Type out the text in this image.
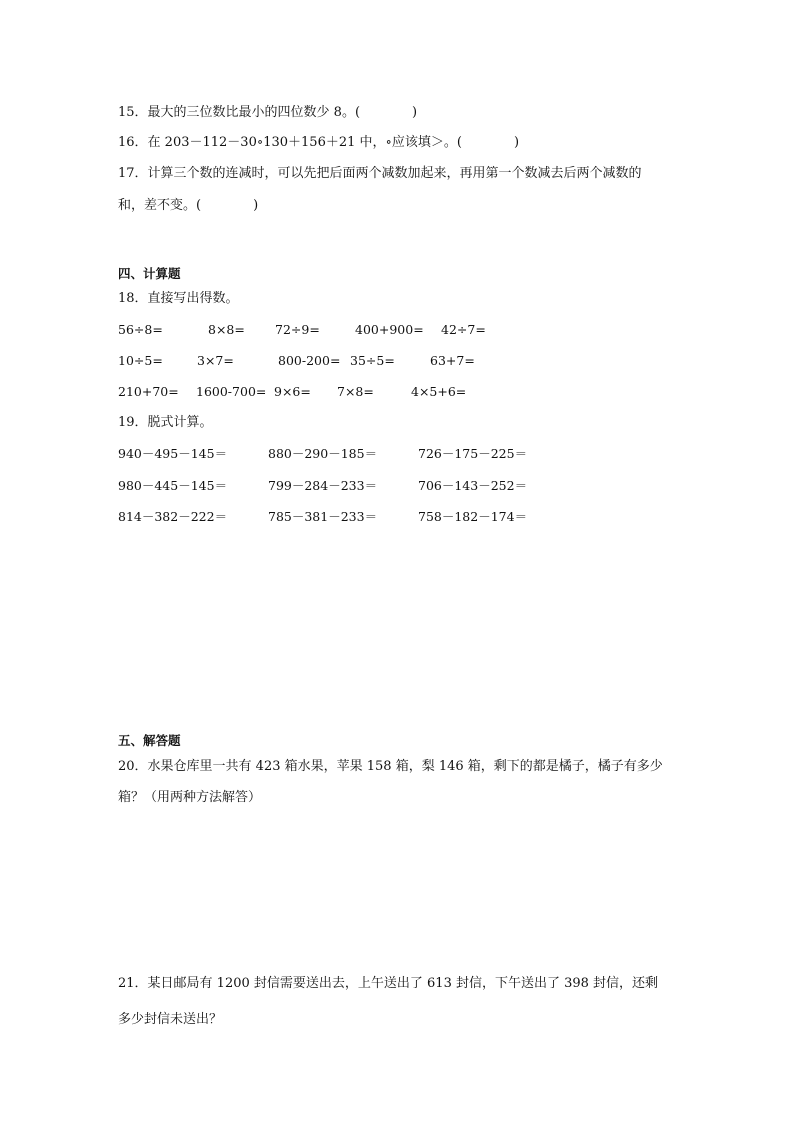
15．最大的三位数比最小的四位数少 8。(　　　　)
16．在 203－112－30∘130＋156＋21 中，∘应该填＞。(　　　　)
17．计算三个数的连减时，可以先把后面两个减数加起来，再用第一个数减去后两个减数的
和，差不变。(　　　　)
四、计算题
18．直接写出得数。
56÷8=	8×8= 72÷9=	400+900= 42÷7=
10÷5=	3×7=	800-200= 35÷5=	63+7=
210+70= 1600-700= 9×6= 7×8=	4×5+6=
19．脱式计算。
940－495－145＝	880－290－185＝	726－175－225＝
980－445－145＝	799－284－233＝	706－143－252＝
814－382－222＝	785－381－233＝	758－182－174＝
五、解答题
20．水果仓库里一共有 423 箱水果，苹果 158 箱，梨 146 箱，剩下的都是橘子，橘子有多少
箱？（用两种方法解答）
21．某日邮局有 1200 封信需要送出去，上午送出了 613 封信，下午送出了 398 封信，还剩
多少封信未送出？
